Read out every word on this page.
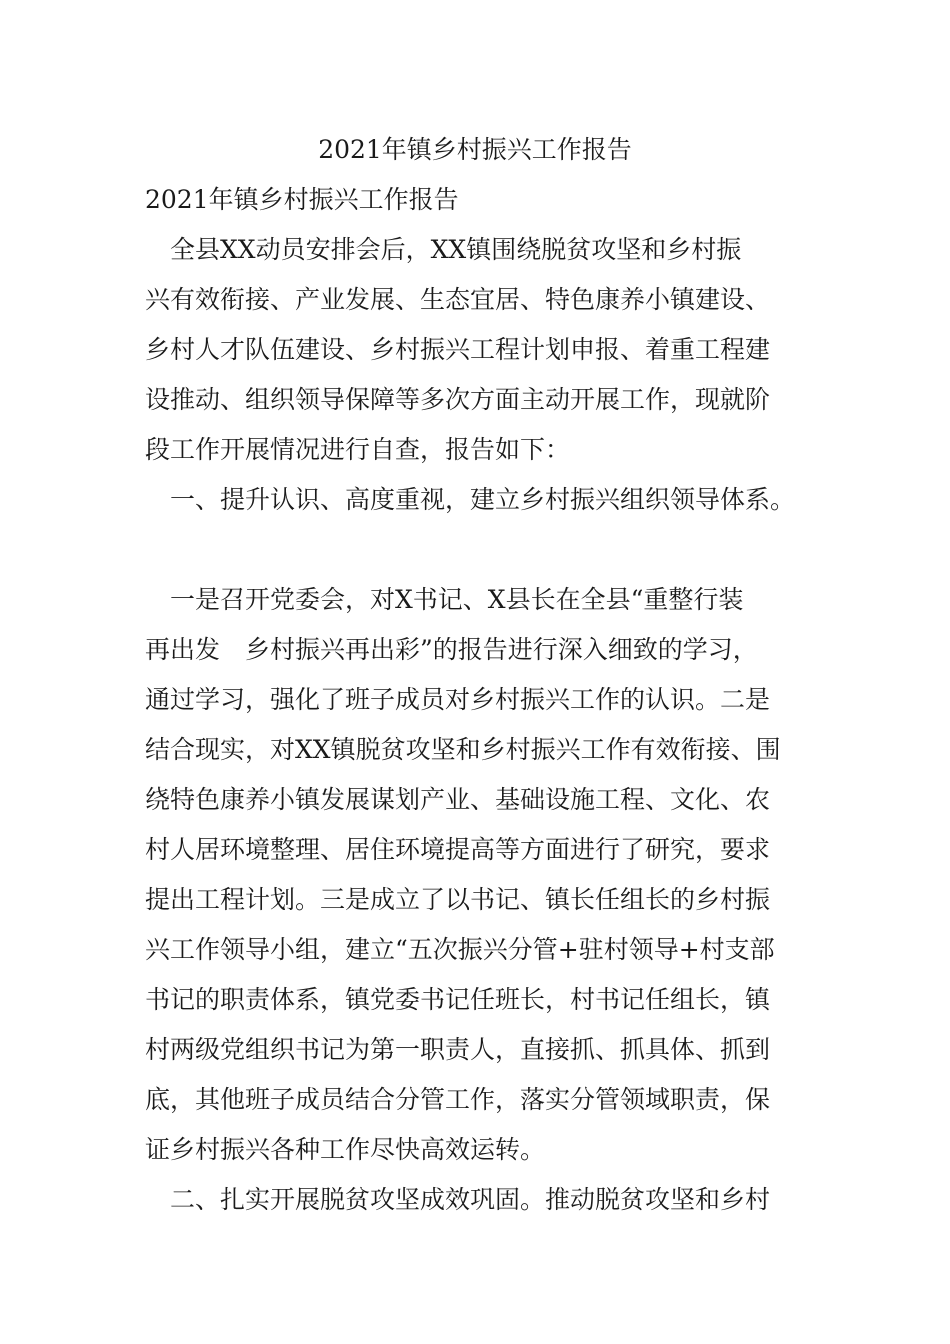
2021年镇乡村振兴工作报告
2021年镇乡村振兴工作报告
　全县XX动员安排会后，XX镇围绕脱贫攻坚和乡村振
兴有效衔接、产业发展、生态宜居、特色康养小镇建设、
乡村人才队伍建设、乡村振兴工程计划申报、着重工程建
设推动、组织领导保障等多次方面主动开展工作，现就阶
段工作开展情况进行自查，报告如下：
　一、提升认识、高度重视，建立乡村振兴组织领导体系。
　一是召开党委会，对X书记、X县长在全县“重整行装
再出发　乡村振兴再出彩”的报告进行深入细致的学习，
通过学习，强化了班子成员对乡村振兴工作的认识。二是
结合现实，对XX镇脱贫攻坚和乡村振兴工作有效衔接、围
绕特色康养小镇发展谋划产业、基础设施工程、文化、农
村人居环境整理、居住环境提高等方面进行了研究，要求
提出工程计划。三是成立了以书记、镇长任组长的乡村振
兴工作领导小组，建立“五次振兴分管+驻村领导+村支部
书记的职责体系，镇党委书记任班长，村书记任组长，镇
村两级党组织书记为第一职责人，直接抓、抓具体、抓到
底，其他班子成员结合分管工作，落实分管领域职责，保
证乡村振兴各种工作尽快高效运转。
　二、扎实开展脱贫攻坚成效巩固。推动脱贫攻坚和乡村
